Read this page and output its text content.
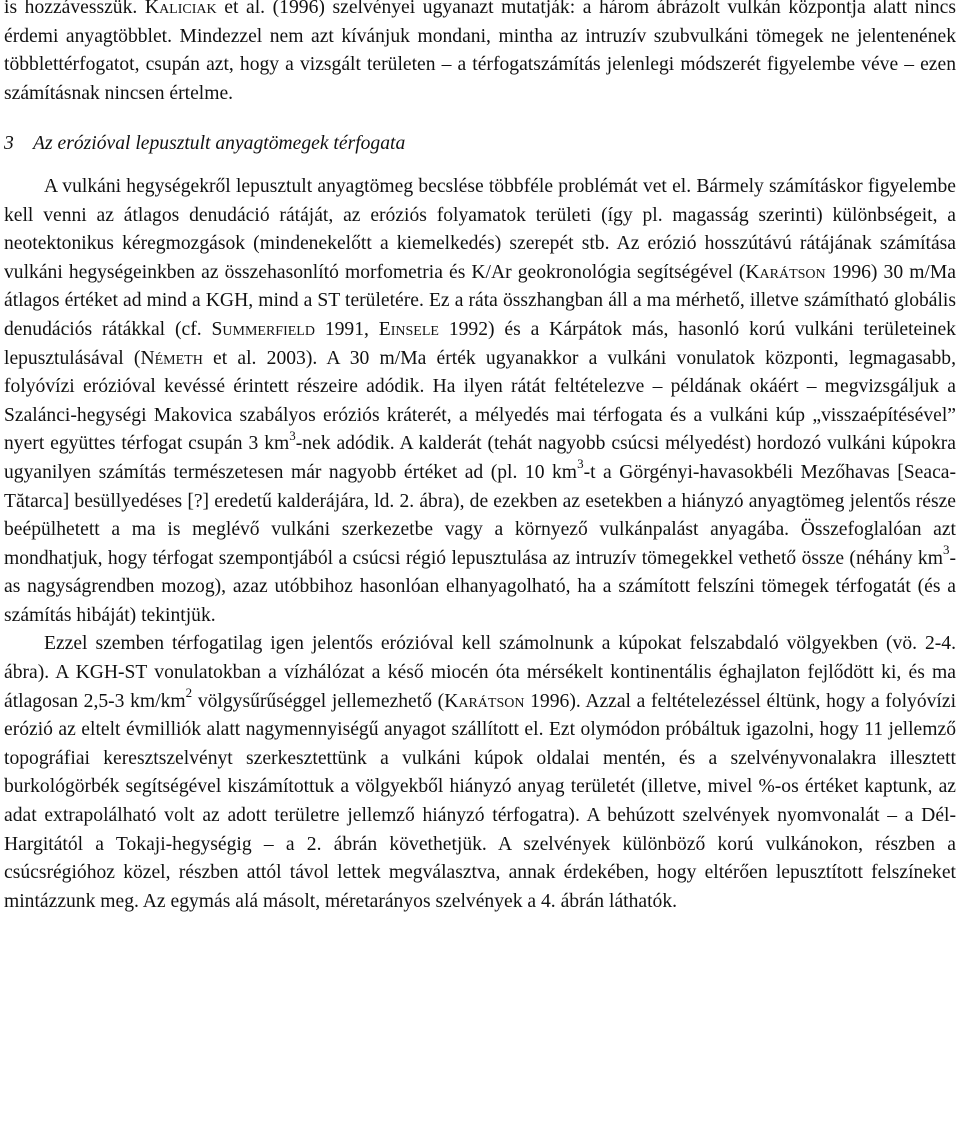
is hozzávesszük. Kaliciak et al. (1996) szelvényei ugyanazt mutatják: a három ábrázolt vulkán központja alatt nincs érdemi anyagtöbblet. Mindezzel nem azt kívánjuk mondani, mintha az intruzív szubvulkáni tömegek ne jelentenének többlettérfogatot, csupán azt, hogy a vizsgált területen – a térfogatszámítás jelenlegi módszerét figyelembe véve – ezen számításnak nincsen értelme.

3 Az erózióval lepusztult anyagtömegek térfogata

A vulkáni hegységekről lepusztult anyagtömeg becslése többféle problémát vet el. Bármely számításkor figyelembe kell venni az átlagos denudáció rátáját, az eróziós folyamatok területi (így pl. magasság szerinti) különbségeit, a neotektonikus kéregmozgások (mindenekelőtt a kiemelkedés) szerepét stb. Az erózió hosszútávú rátájának számítása vulkáni hegységeinkben az összehasonlító morfometria és K/Ar geokronológia segítségével (Karátson 1996) 30 m/Ma átlagos értéket ad mind a KGH, mind a ST területére. Ez a ráta összhangban áll a ma mérhető, illetve számítható globális denudációs rátákkal (cf. Summerfield 1991, Einsele 1992) és a Kárpátok más, hasonló korú vulkáni területeinek lepusztulásával (Németh et al. 2003). A 30 m/Ma érték ugyanakkor a vulkáni vonulatok központi, legmagasabb, folyóvízi erózióval kevéssé érintett részeire adódik. Ha ilyen rátát feltételezve – példának okáért – megvizsgáljuk a Szalánci-hegységi Makovica szabályos eróziós kráterét, a mélyedés mai térfogata és a vulkáni kúp „visszaépítésével” nyert együttes térfogat csupán 3 $km^3$-nek adódik. A kalderát (tehát nagyobb csúcsi mélyedést) hordozó vulkáni kúpokra ugyanilyen számítás természetesen már nagyobb értéket ad (pl. 10 $km^3-t$ a Görgényi-havasokbéli Mezőhavas [Seaca-Tătarca] besüllyedéses [?] eredetű kalderájára, ld. 2. ábra), de ezekben az esetekben a hiányzó anyagtömeg jelentős része beépülhetett a ma is meglévő vulkáni szerkezetbe vagy a környező vulkánpalást anyagába. Összefoglalóan azt mondhatjuk, hogy térfogat szempontjából a csúcsi régió lepusztulása az intruzív tömegekkel vethető össze (néhány $km^3-as$ nagyságrendben mozog), azaz utóbbihoz hasonlóan elhanyagolható, ha a számított felszíni tömegek térfogatát (és a számítás hibáját) tekintjük.

Ezzel szemben térfogatilag igen jelentős erózióval kell számolnunk a kúpokat felszabdaló völgyekben (vö. 2-4. ábra). A KGH-ST vonulatokban a vízhálózat a késő miocén óta mérsékelt kontinentális éghajlaton fejlődött ki, és ma átlagosan 2,5-3 $km/km^2$ völgysűrűséggel jellemezhető (Karátson 1996). Azzal a feltételezéssel éltünk, hogy a folyóvízi erózió az eltelt évmilliók alatt nagymennyiségű anyagot szállított el. Ezt olymódon próbáltuk igazolni, hogy 11 jellemző topográfiai keresztszelvényt szerkesztettünk a vulkáni kúpok oldalai mentén, és a szelvényvonalakra illesztett burkológörbék segítségével kiszámítottuk a völgyekből hiányzó anyag területét (illetve, mivel %-os értéket kaptunk, az adat extrapolálható volt az adott területre jellemző hiányzó térfogatra). A behúzott szelvények nyomvonalát – a Dél-Hargitától a Tokaji-hegységig – a 2. ábrán követhetjük. A szelvények különböző korú vulkánokon, részben a csúcsrégióhoz közel, részben attól távol lettek megválasztva, annak érdekében, hogy eltérően lepusztított felszíneket mintázzunk meg. Az egymás alá másolt, méretarányos szelvények a 4. ábrán láthatók.
